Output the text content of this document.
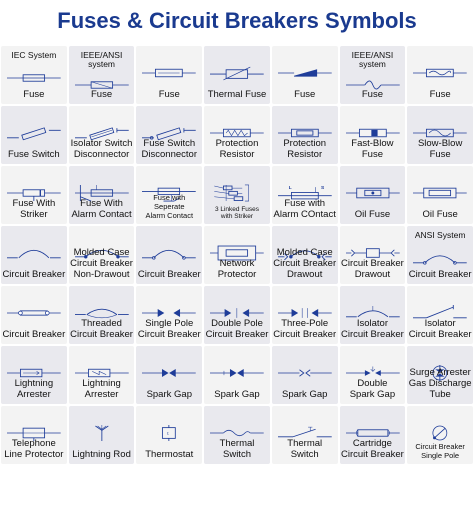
Fuses & Circuit Breakers Symbols
IEC System
Fuse
IEEE/ANSI
system
Fuse	Fuse	Thermal Fuse	Fuse
IEEE/ANSI
system
Fuse	Fuse
Fuse Switch
Isolator Switch
Disconnector
Fuse Switch
Disconnector
Protection
Resistor
Protection
Resistor
Fast-Blow
Fuse
Slow-Blow
Fuse
Fuse With
Striker
Fuse With
Alarm Contact
Fuse with Seperate
Alarm Contact
3 Linked Fuses
with Striker
L	S
Fuse with
Alarm COntact	Oil Fuse	Oil Fuse
Circuit Breaker
Molded Case
Circuit Breaker
Non-Drawout Circuit Breaker
Network
Protector
Molded Case
Circuit Breaker
Drawout
Circuit Breaker
Drawout
ANSI System
Circuit Breaker
Circuit Breaker
Threaded
Circuit Breaker
Single Pole
Circuit Breaker
Double Pole
Circuit Breaker
Three-Pole
Circuit Breaker
Isolator
Circuit Breaker
Isolator
Circuit Breaker
Lightning
Arrester
Lightning
Arrester	Spark Gap	Spark Gap	Spark Gap
Double
Spark Gap
Surge Arrester
Gas Discharge
Tube
Telephone
Line Protector Lightning Rod
t
Thermostat
Thermal Switch
Thermal Switch
Cartridge
Circuit Breaker
Circuit Breaker
Single Pole
